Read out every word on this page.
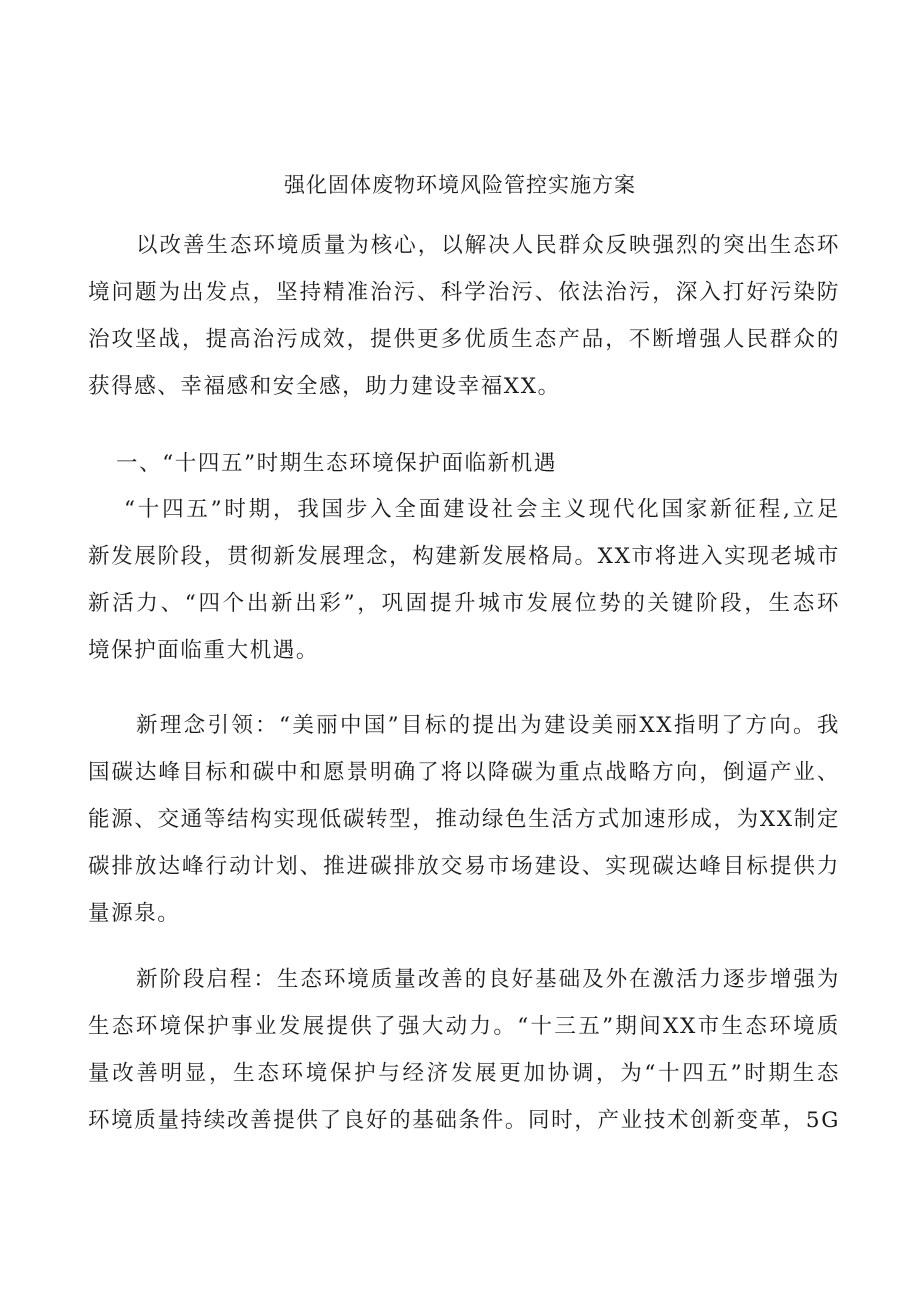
强化固体废物环境风险管控实施方案
以改善生态环境质量为核心，以解决人民群众反映强烈的突出生态环
境问题为出发点，坚持精准治污、科学治污、依法治污，深入打好污染防
治攻坚战，提高治污成效，提供更多优质生态产品，不断增强人民群众的
获得感、幸福感和安全感，助力建设幸福XX。
一、“十四五”时期生态环境保护面临新机遇
“十四五”时期，我国步入全面建设社会主义现代化国家新征程,立足
新发展阶段，贯彻新发展理念，构建新发展格局。XX市将进入实现老城市
新活力、“四个出新出彩”，巩固提升城市发展位势的关键阶段，生态环
境保护面临重大机遇。
新理念引领：“美丽中国”目标的提出为建设美丽XX指明了方向。我
国碳达峰目标和碳中和愿景明确了将以降碳为重点战略方向，倒逼产业、
能源、交通等结构实现低碳转型，推动绿色生活方式加速形成，为XX制定
碳排放达峰行动计划、推进碳排放交易市场建设、实现碳达峰目标提供力
量源泉。
新阶段启程：生态环境质量改善的良好基础及外在激活力逐步增强为
生态环境保护事业发展提供了强大动力。“十三五”期间XX市生态环境质
量改善明显，生态环境保护与经济发展更加协调，为“十四五”时期生态
环境质量持续改善提供了良好的基础条件。同时，产业技术创新变革，5G
